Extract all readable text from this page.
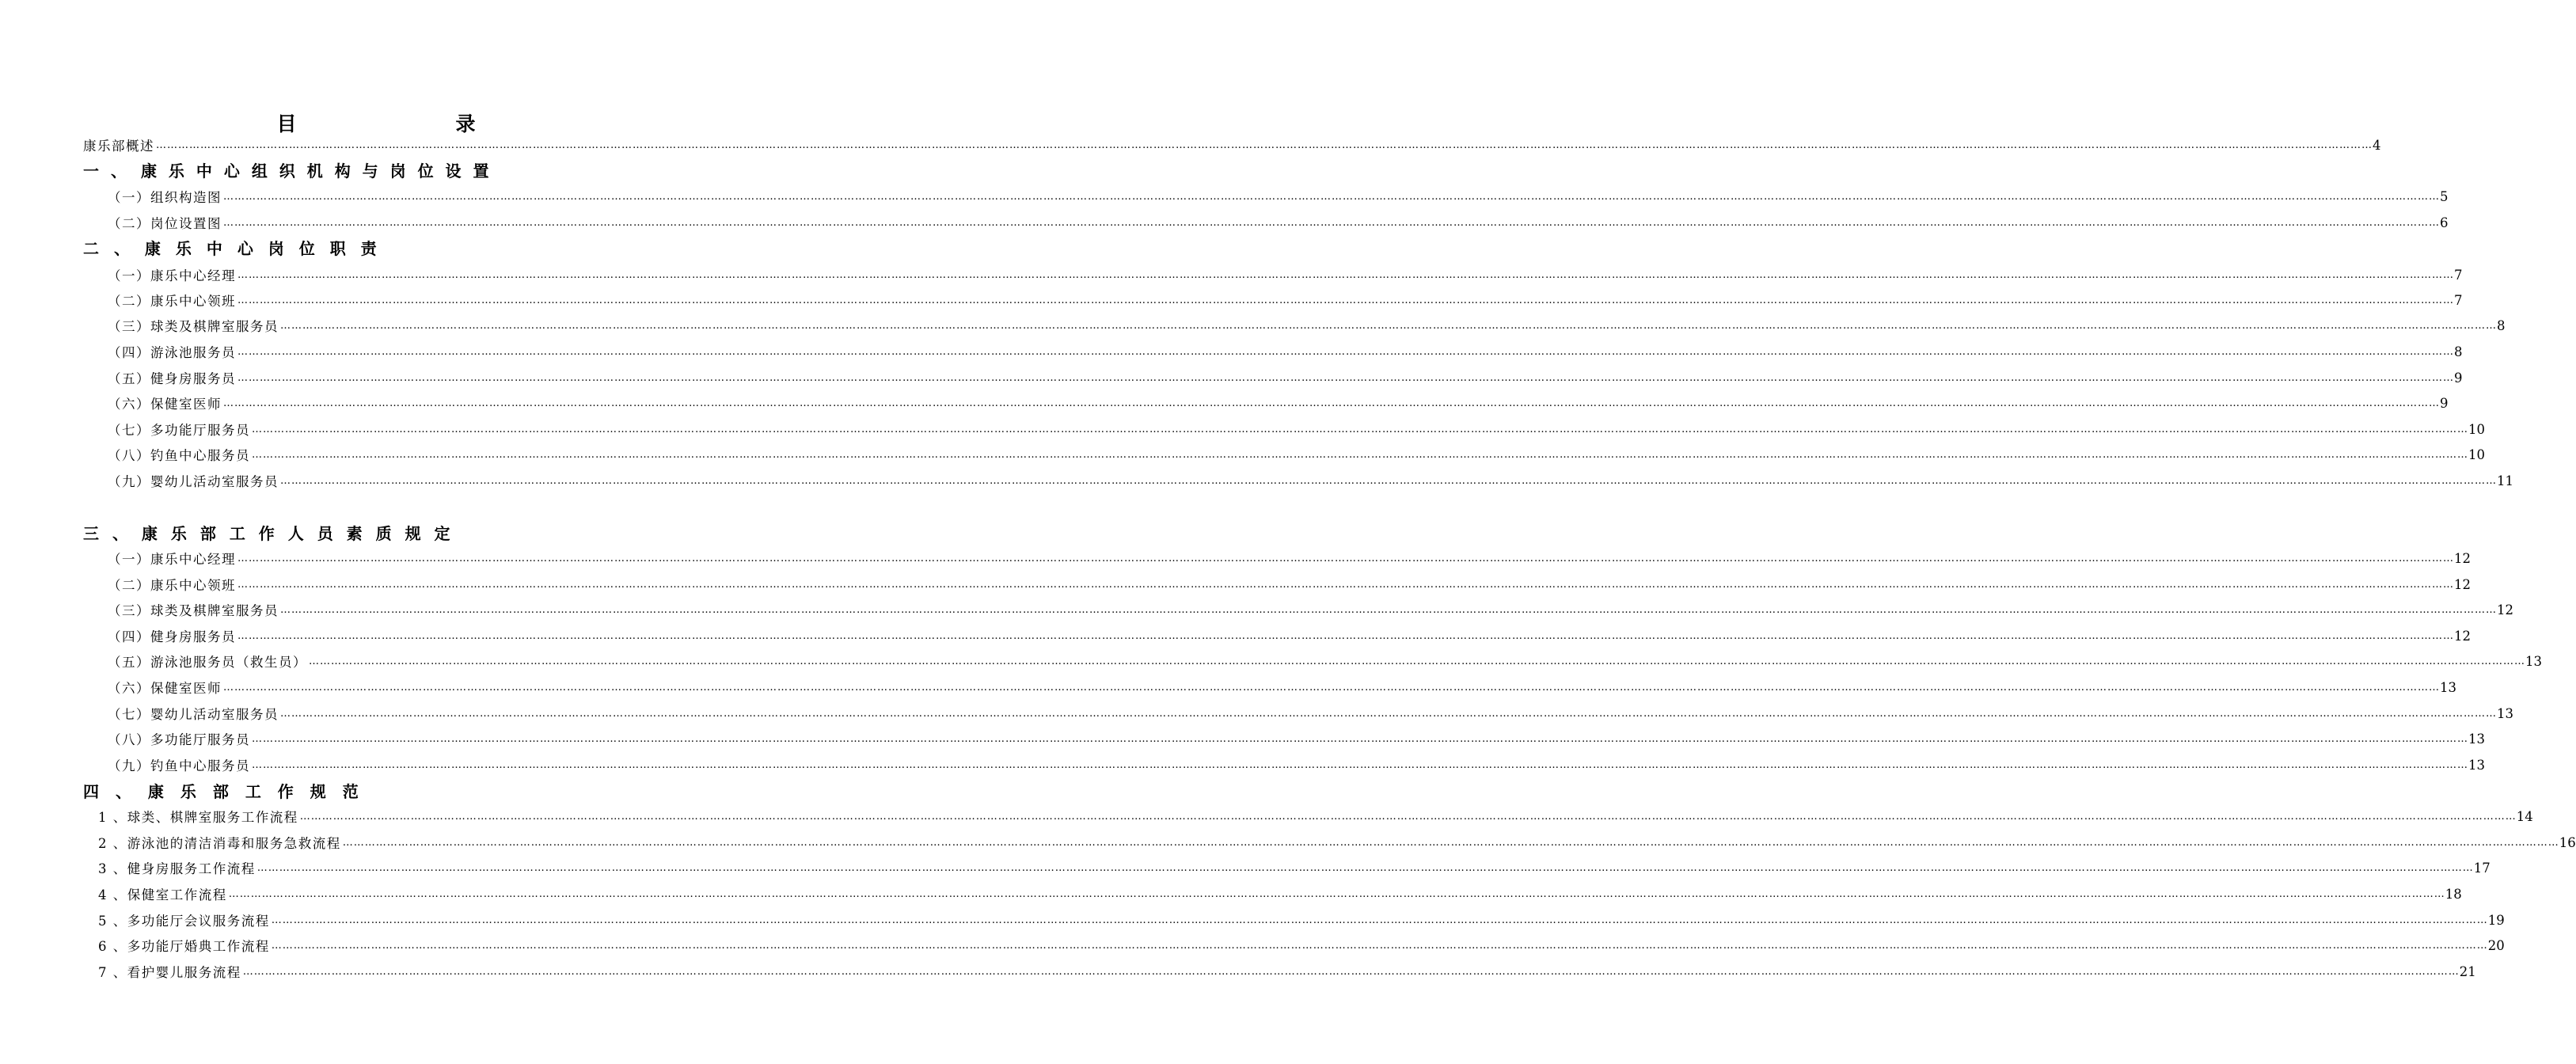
目　录
康乐部概述 …………………………………………………………………………………………………………………………………………………………………………………………………………………………………………………………………………………………………………………………………………………………………………………………………………………………………………………………………………………………………………………………………………………… 4
一 、　康 乐 中 心 组 织 机 构 与 岗 位 设 置
（一）组织构造图 …………………………………………………………………………………………………………………………………………………………………………………………………………………………………………………………………………………………………………………………………………………………………………………………………………………………………………………………………………………………………………………………………………………… 5
（二）岗位设置图 …………………………………………………………………………………………………………………………………………………………………………………………………………………………………………………………………………………………………………………………………………………………………………………………………………………………………………………………………………………………………………………………………………………… 6
二 、 康 乐 中 心 岗 位 职 责
（一）康乐中心经理 …………………………………………………………………………………………………………………………………………………………………………………………………………………………………………………………………………………………………………………………………………………………………………………………………………………………………………………………………………………………………………………………………………………… 7
（二）康乐中心领班 …………………………………………………………………………………………………………………………………………………………………………………………………………………………………………………………………………………………………………………………………………………………………………………………………………………………………………………………………………………………………………………………………………………… 7
（三）球类及棋牌室服务员 …………………………………………………………………………………………………………………………………………………………………………………………………………………………………………………………………………………………………………………………………………………………………………………………………………………………………………………………………………………………………………………………………………………… 8
（四）游泳池服务员 …………………………………………………………………………………………………………………………………………………………………………………………………………………………………………………………………………………………………………………………………………………………………………………………………………………………………………………………………………………………………………………………………………………… 8
（五）健身房服务员 …………………………………………………………………………………………………………………………………………………………………………………………………………………………………………………………………………………………………………………………………………………………………………………………………………………………………………………………………………………………………………………………………………………… 9
（六）保健室医师 …………………………………………………………………………………………………………………………………………………………………………………………………………………………………………………………………………………………………………………………………………………………………………………………………………………………………………………………………………………………………………………………………………………… 9
（七）多功能厅服务员 …………………………………………………………………………………………………………………………………………………………………………………………………………………………………………………………………………………………………………………………………………………………………………………………………………………………………………………………………………………………………………………………………………………… 10
（八）钓鱼中心服务员 …………………………………………………………………………………………………………………………………………………………………………………………………………………………………………………………………………………………………………………………………………………………………………………………………………………………………………………………………………………………………………………………………………………… 10
（九）婴幼儿活动室服务员 …………………………………………………………………………………………………………………………………………………………………………………………………………………………………………………………………………………………………………………………………………………………………………………………………………………………………………………………………………………………………………………………………………………… 11
三 、 康 乐 部 工 作 人 员 素 质 规 定
（一）康乐中心经理 …………………………………………………………………………………………………………………………………………………………………………………………………………………………………………………………………………………………………………………………………………………………………………………………………………………………………………………………………………………………………………………………………………………… 12
（二）康乐中心领班 …………………………………………………………………………………………………………………………………………………………………………………………………………………………………………………………………………………………………………………………………………………………………………………………………………………………………………………………………………………………………………………………………………………… 12
（三）球类及棋牌室服务员 …………………………………………………………………………………………………………………………………………………………………………………………………………………………………………………………………………………………………………………………………………………………………………………………………………………………………………………………………………………………………………………………………………………… 12
（四）健身房服务员 …………………………………………………………………………………………………………………………………………………………………………………………………………………………………………………………………………………………………………………………………………………………………………………………………………………………………………………………………………………………………………………………………………………… 12
（五）游泳池服务员（救生员） …………………………………………………………………………………………………………………………………………………………………………………………………………………………………………………………………………………………………………………………………………………………………………………………………………………………………………………………………………………………………………………………………………………… 13
（六）保健室医师 …………………………………………………………………………………………………………………………………………………………………………………………………………………………………………………………………………………………………………………………………………………………………………………………………………………………………………………………………………………………………………………………………………………… 13
（七）婴幼儿活动室服务员 …………………………………………………………………………………………………………………………………………………………………………………………………………………………………………………………………………………………………………………………………………………………………………………………………………………………………………………………………………………………………………………………………………………… 13
（八）多功能厅服务员 …………………………………………………………………………………………………………………………………………………………………………………………………………………………………………………………………………………………………………………………………………………………………………………………………………………………………………………………………………………………………………………………………………………… 13
（九）钓鱼中心服务员 …………………………………………………………………………………………………………………………………………………………………………………………………………………………………………………………………………………………………………………………………………………………………………………………………………………………………………………………………………………………………………………………………………………… 13
四 、 康 乐 部 工 作 规 范
1 、球类、棋牌室服务工作流程 …………………………………………………………………………………………………………………………………………………………………………………………………………………………………………………………………………………………………………………………………………………………………………………………………………………………………………………………………………………………………………………………………………………… 14
2 、游泳池的清洁消毒和服务急救流程 …………………………………………………………………………………………………………………………………………………………………………………………………………………………………………………………………………………………………………………………………………………………………………………………………………………………………………………………………………………………………………………………………………………… 16
3 、健身房服务工作流程 …………………………………………………………………………………………………………………………………………………………………………………………………………………………………………………………………………………………………………………………………………………………………………………………………………………………………………………………………………………………………………………………………………………… 17
4 、保健室工作流程 …………………………………………………………………………………………………………………………………………………………………………………………………………………………………………………………………………………………………………………………………………………………………………………………………………………………………………………………………………………………………………………………………………………… 18
5 、多功能厅会议服务流程 …………………………………………………………………………………………………………………………………………………………………………………………………………………………………………………………………………………………………………………………………………………………………………………………………………………………………………………………………………………………………………………………………………………… 19
6 、多功能厅婚典工作流程 …………………………………………………………………………………………………………………………………………………………………………………………………………………………………………………………………………………………………………………………………………………………………………………………………………………………………………………………………………………………………………………………………………………… 20
7 、看护婴儿服务流程 …………………………………………………………………………………………………………………………………………………………………………………………………………………………………………………………………………………………………………………………………………………………………………………………………………………………………………………………………………………………………………………………………………………… 21
